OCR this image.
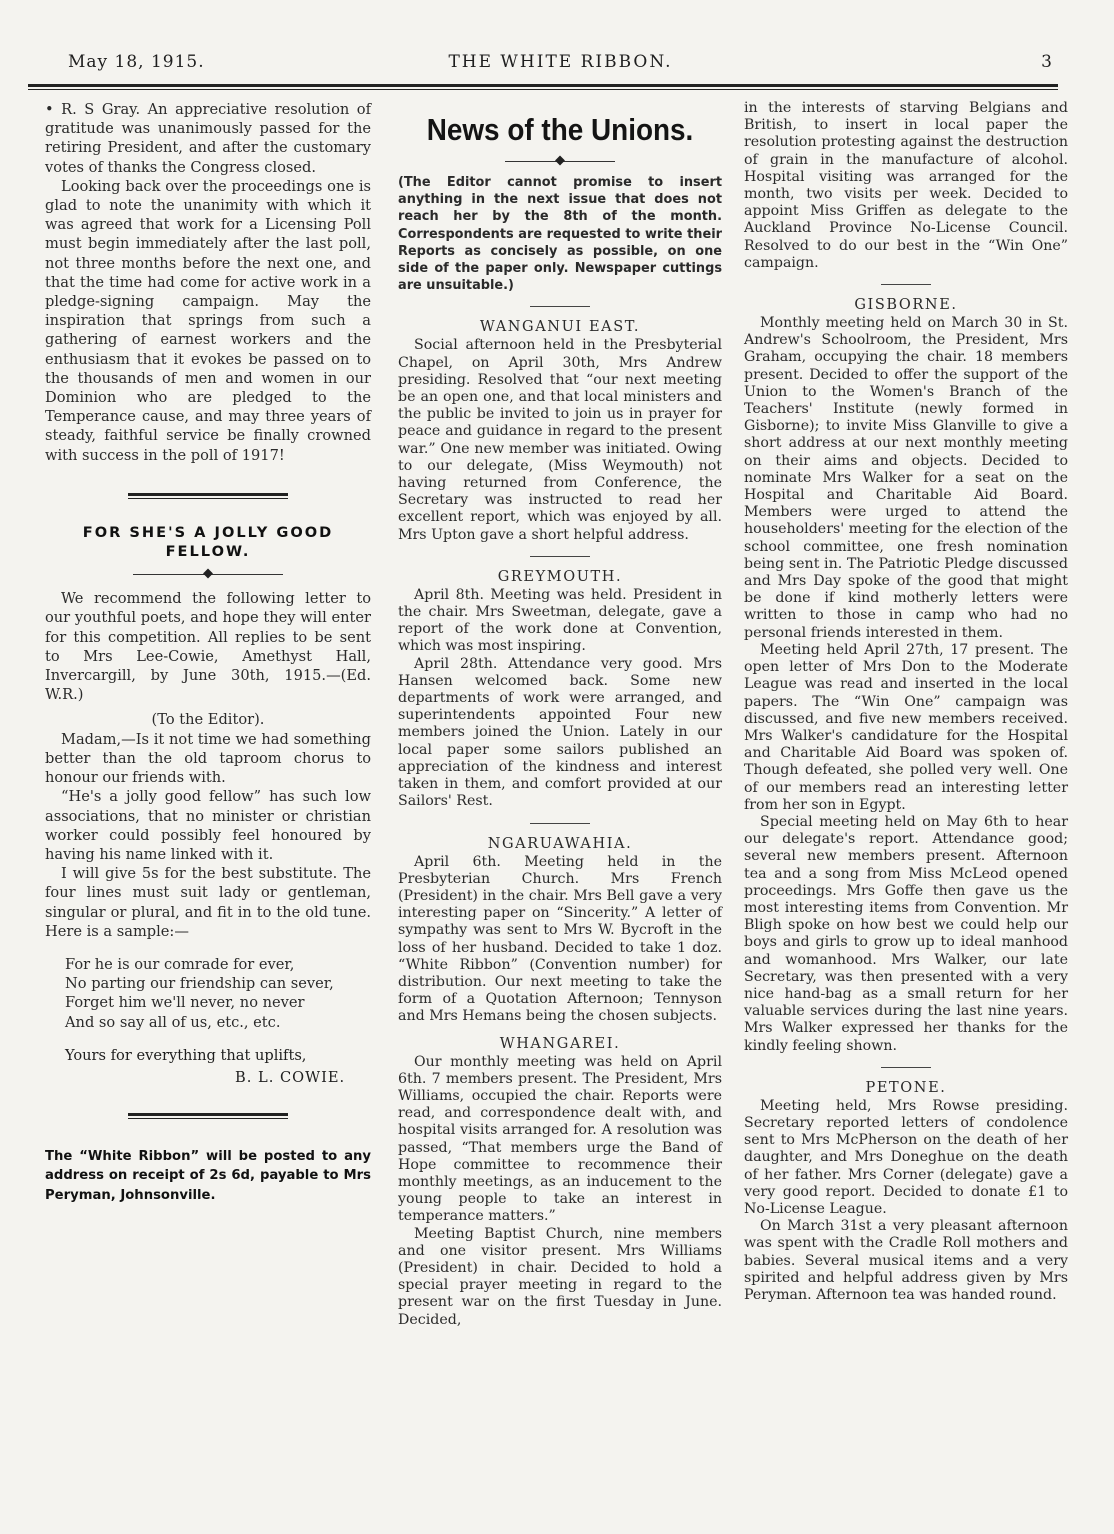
May 18, 1915.	THE WHITE RIBBON.	3

• R. S Gray. An appreciative resolution of gratitude was unanimously passed for the retiring President, and after the customary votes of thanks the Congress closed.

Looking back over the proceedings one is glad to note the unanimity with which it was agreed that work for a Licensing Poll must begin immediately after the last poll, not three months before the next one, and that the time had come for active work in a pledge-signing campaign. May the inspiration that springs from such a gathering of earnest workers and the enthusiasm that it evokes be passed on to the thousands of men and women in our Dominion who are pledged to the Temperance cause, and may three years of steady, faithful service be finally crowned with success in the poll of 1917!

FOR SHE'S A JOLLY GOOD

FELLOW.

We recommend the following letter to our youthful poets, and hope they will enter for this competition. All replies to be sent to Mrs Lee-Cowie, Amethyst Hall, Invercargill, by June 30th, 1915.—(Ed. W.R.)

(To the Editor).

Madam,—Is it not time we had something better than the old taproom chorus to honour our friends with.

“He's a jolly good fellow” has such low associations, that no minister or christian worker could possibly feel honoured by having his name linked with it.

I will give 5s for the best substitute. The four lines must suit lady or gentleman, singular or plural, and fit in to the old tune. Here is a sample:—

For he is our comrade for ever,
No parting our friendship can sever,
Forget him we'll never, no never
And so say all of us, etc., etc.
Yours for everything that uplifts,
B. L. COWIE.

The “White Ribbon” will be posted to any address on receipt of 2s 6d, payable to Mrs Peryman, Johnsonville.

News of the Unions.

(The Editor cannot promise to insert anything in the next issue that does not reach her by the 8th of the month. Correspondents are requested to write their Reports as concisely as possible, on one side of the paper only. Newspaper cuttings are unsuitable.)

WANGANUI EAST.

Social afternoon held in the Presbyterial Chapel, on April 30th, Mrs Andrew presiding. Resolved that “our next meeting be an open one, and that local ministers and the public be invited to join us in prayer for peace and guidance in regard to the present war.” One new member was initiated. Owing to our delegate, (Miss Weymouth) not having returned from Conference, the Secretary was instructed to read her excellent report, which was enjoyed by all. Mrs Upton gave a short helpful address.

GREYMOUTH.

April 8th. Meeting was held. President in the chair. Mrs Sweetman, delegate, gave a report of the work done at Convention, which was most inspiring.

April 28th. Attendance very good. Mrs Hansen welcomed back. Some new departments of work were arranged, and superintendents appointed Four new members joined the Union. Lately in our local paper some sailors published an appreciation of the kindness and interest taken in them, and comfort provided at our Sailors' Rest.

NGARUAWAHIA.

April 6th. Meeting held in the Presbyterian Church. Mrs French (President) in the chair. Mrs Bell gave a very interesting paper on “Sincerity.” A letter of sympathy was sent to Mrs W. Bycroft in the loss of her husband. Decided to take 1 doz. “White Ribbon” (Convention number) for distribution. Our next meeting to take the form of a Quotation Afternoon; Tennyson and Mrs Hemans being the chosen subjects.

WHANGAREI.

Our monthly meeting was held on April 6th. 7 members present. The President, Mrs Williams, occupied the chair. Reports were read, and correspondence dealt with, and hospital visits arranged for. A resolution was passed, “That members urge the Band of Hope committee to recommence their monthly meetings, as an inducement to the young people to take an interest in temperance matters.”

Meeting Baptist Church, nine members and one visitor present. Mrs Williams (President) in chair. Decided to hold a special prayer meeting in regard to the present war on the first Tuesday in June. Decided,

in the interests of starving Belgians and British, to insert in local paper the resolution protesting against the destruction of grain in the manufacture of alcohol. Hospital visiting was arranged for the month, two visits per week. Decided to appoint Miss Griffen as delegate to the Auckland Province No-License Council. Resolved to do our best in the “Win One” campaign.

GISBORNE.

Monthly meeting held on March 30 in St. Andrew's Schoolroom, the President, Mrs Graham, occupying the chair. 18 members present. Decided to offer the support of the Union to the Women's Branch of the Teachers' Institute (newly formed in Gisborne); to invite Miss Glanville to give a short address at our next monthly meeting on their aims and objects. Decided to nominate Mrs Walker for a seat on the Hospital and Charitable Aid Board. Members were urged to attend the householders' meeting for the election of the school committee, one fresh nomination being sent in. The Patriotic Pledge discussed and Mrs Day spoke of the good that might be done if kind motherly letters were written to those in camp who had no personal friends interested in them.

Meeting held April 27th, 17 present. The open letter of Mrs Don to the Moderate League was read and inserted in the local papers. The “Win One” campaign was discussed, and five new members received. Mrs Walker's candidature for the Hospital and Charitable Aid Board was spoken of. Though defeated, she polled very well. One of our members read an interesting letter from her son in Egypt.

Special meeting held on May 6th to hear our delegate's report. Attendance good; several new members present. Afternoon tea and a song from Miss McLeod opened proceedings. Mrs Goffe then gave us the most interesting items from Convention. Mr Bligh spoke on how best we could help our boys and girls to grow up to ideal manhood and womanhood. Mrs Walker, our late Secretary, was then presented with a very nice hand-bag as a small return for her valuable services during the last nine years. Mrs Walker expressed her thanks for the kindly feeling shown.

PETONE.

Meeting held, Mrs Rowse presiding. Secretary reported letters of condolence sent to Mrs McPherson on the death of her daughter, and Mrs Doneghue on the death of her father. Mrs Corner (delegate) gave a very good report. Decided to donate £1 to No-License League.

On March 31st a very pleasant afternoon was spent with the Cradle Roll mothers and babies. Several musical items and a very spirited and helpful address given by Mrs Peryman. Afternoon tea was handed round.
